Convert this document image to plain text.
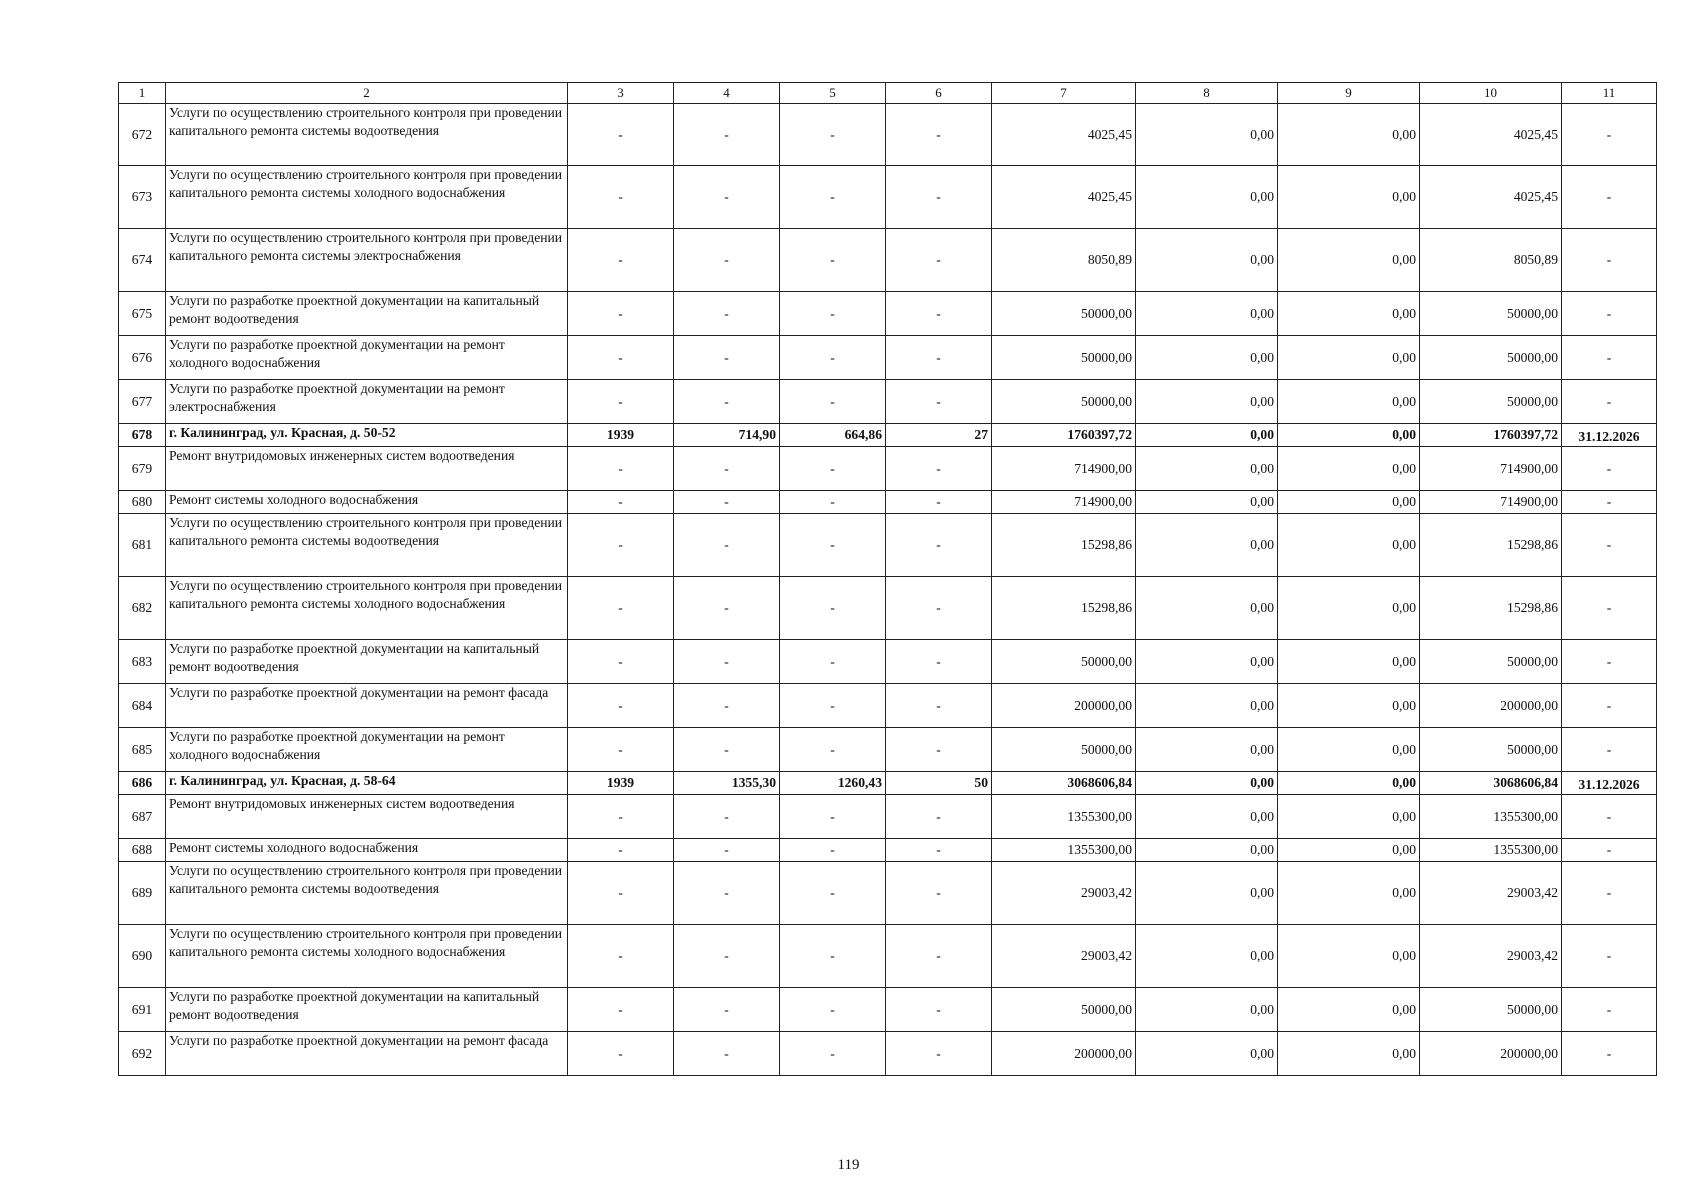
1	2	3	4	5	6	7	8	9	10	11
672	Услуги по осуществлению строительного контроля при проведении капитального ремонта системы водоотведения	-	-	-	-	4025,45	0,00	0,00	4025,45	-
673	Услуги по осуществлению строительного контроля при проведении капитального ремонта системы холодного водоснабжения	-	-	-	-	4025,45	0,00	0,00	4025,45	-
674	Услуги по осуществлению строительного контроля при проведении капитального ремонта системы электроснабжения	-	-	-	-	8050,89	0,00	0,00	8050,89	-
675	Услуги по разработке проектной документации на капитальный ремонт водоотведения	-	-	-	-	50000,00	0,00	0,00	50000,00	-
676	Услуги по разработке проектной документации на ремонт холодного водоснабжения	-	-	-	-	50000,00	0,00	0,00	50000,00	-
677	Услуги по разработке проектной документации на ремонт электроснабжения	-	-	-	-	50000,00	0,00	0,00	50000,00	-
678	г. Калининград, ул. Красная, д. 50-52	1939	714,90	664,86	27	1760397,72	0,00	0,00	1760397,72	31.12.2026
679	Ремонт внутридомовых инженерных систем водоотведения	-	-	-	-	714900,00	0,00	0,00	714900,00	-
680	Ремонт системы холодного водоснабжения	-	-	-	-	714900,00	0,00	0,00	714900,00	-
681	Услуги по осуществлению строительного контроля при проведении капитального ремонта системы водоотведения	-	-	-	-	15298,86	0,00	0,00	15298,86	-
682	Услуги по осуществлению строительного контроля при проведении капитального ремонта системы холодного водоснабжения	-	-	-	-	15298,86	0,00	0,00	15298,86	-
683	Услуги по разработке проектной документации на капитальный ремонт водоотведения	-	-	-	-	50000,00	0,00	0,00	50000,00	-
684	Услуги по разработке проектной документации на ремонт фасада	-	-	-	-	200000,00	0,00	0,00	200000,00	-
685	Услуги по разработке проектной документации на ремонт холодного водоснабжения	-	-	-	-	50000,00	0,00	0,00	50000,00	-
686	г. Калининград, ул. Красная, д. 58-64	1939	1355,30	1260,43	50	3068606,84	0,00	0,00	3068606,84	31.12.2026
687	Ремонт внутридомовых инженерных систем водоотведения	-	-	-	-	1355300,00	0,00	0,00	1355300,00	-
688	Ремонт системы холодного водоснабжения	-	-	-	-	1355300,00	0,00	0,00	1355300,00	-
689	Услуги по осуществлению строительного контроля при проведении капитального ремонта системы водоотведения	-	-	-	-	29003,42	0,00	0,00	29003,42	-
690	Услуги по осуществлению строительного контроля при проведении капитального ремонта системы холодного водоснабжения	-	-	-	-	29003,42	0,00	0,00	29003,42	-
691	Услуги по разработке проектной документации на капитальный ремонт водоотведения	-	-	-	-	50000,00	0,00	0,00	50000,00	-
692	Услуги по разработке проектной документации на ремонт фасада	-	-	-	-	200000,00	0,00	0,00	200000,00	-
119
